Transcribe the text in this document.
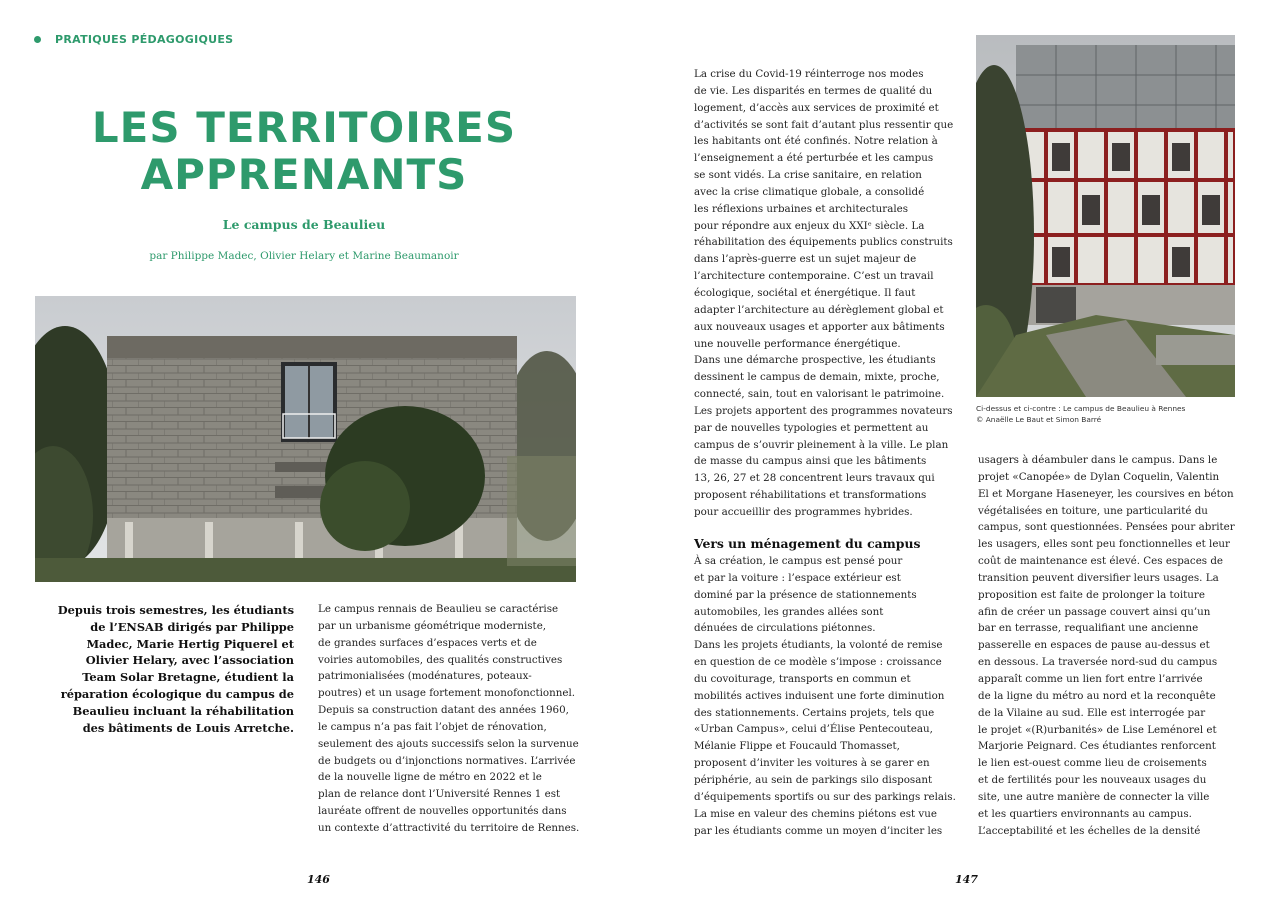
PRATIQUES PÉDAGOGIQUES
LES TERRITOIRES
APPRENANTS
Le campus de Beaulieu
par Philippe Madec, Olivier Helary et Marine Beaumanoir
Depuis trois semestres, les étudiants
de l’ENSAB dirigés par Philippe
Madec, Marie Hertig Piquerel et
Olivier Helary, avec l’association
Team Solar Bretagne, étudient la
réparation écologique du campus de
Beaulieu incluant la réhabilitation
des bâtiments de Louis Arretche.
Le campus rennais de Beaulieu se caractérise
par un urbanisme géométrique moderniste,
de grandes surfaces d’espaces verts et de
voiries automobiles, des qualités constructives
patrimonialisées (modénatures, poteaux-
poutres) et un usage fortement monofonctionnel.
Depuis sa construction datant des années 1960,
le campus n’a pas fait l’objet de rénovation,
seulement des ajouts successifs selon la survenue
de budgets ou d’injonctions normatives. L’arrivée
de la nouvelle ligne de métro en 2022 et le
plan de relance dont l’Université Rennes 1 est
lauréate offrent de nouvelles opportunités dans
un contexte d’attractivité du territoire de Rennes.
146
La crise du Covid-19 réinterroge nos modes
de vie. Les disparités en termes de qualité du
logement, d’accès aux services de proximité et
d’activités se sont fait d’autant plus ressentir que
les habitants ont été confinés. Notre relation à
l’enseignement a été perturbée et les campus
se sont vidés. La crise sanitaire, en relation
avec la crise climatique globale, a consolidé
les réflexions urbaines et architecturales
pour répondre aux enjeux du XXIᵉ siècle. La
réhabilitation des équipements publics construits
dans l’après-guerre est un sujet majeur de
l’architecture contemporaine. C’est un travail
écologique, sociétal et énergétique. Il faut
adapter l’architecture au dérèglement global et
aux nouveaux usages et apporter aux bâtiments
une nouvelle performance énergétique.
Dans une démarche prospective, les étudiants
dessinent le campus de demain, mixte, proche,
connecté, sain, tout en valorisant le patrimoine.
Les projets apportent des programmes novateurs
par de nouvelles typologies et permettent au
campus de s’ouvrir pleinement à la ville. Le plan
de masse du campus ainsi que les bâtiments
13, 26, 27 et 28 concentrent leurs travaux qui
proposent réhabilitations et transformations
pour accueillir des programmes hybrides.
Vers un ménagement du campus
À sa création, le campus est pensé pour
et par la voiture : l’espace extérieur est
dominé par la présence de stationnements
automobiles, les grandes allées sont
dénuées de circulations piétonnes.
Dans les projets étudiants, la volonté de remise
en question de ce modèle s’impose : croissance
du covoiturage, transports en commun et
mobilités actives induisent une forte diminution
des stationnements. Certains projets, tels que
«Urban Campus», celui d’Élise Pentecouteau,
Mélanie Flippe et Foucauld Thomasset,
proposent d’inviter les voitures à se garer en
périphérie, au sein de parkings silo disposant
d’équipements sportifs ou sur des parkings relais.
La mise en valeur des chemins piétons est vue
par les étudiants comme un moyen d’inciter les
Ci-dessus et ci-contre : Le campus de Beaulieu à Rennes
© Anaëlle Le Baut et Simon Barré
usagers à déambuler dans le campus. Dans le
projet «Canopée» de Dylan Coquelin, Valentin
El et Morgane Haseneyer, les coursives en béton
végétalisées en toiture, une particularité du
campus, sont questionnées. Pensées pour abriter
les usagers, elles sont peu fonctionnelles et leur
coût de maintenance est élevé. Ces espaces de
transition peuvent diversifier leurs usages. La
proposition est faite de prolonger la toiture
afin de créer un passage couvert ainsi qu’un
bar en terrasse, requalifiant une ancienne
passerelle en espaces de pause au-dessus et
en dessous. La traversée nord-sud du campus
apparaît comme un lien fort entre l’arrivée
de la ligne du métro au nord et la reconquête
de la Vilaine au sud. Elle est interrogée par
le projet «(R)urbanités» de Lise Leménorel et
Marjorie Peignard. Ces étudiantes renforcent
le lien est-ouest comme lieu de croisements
et de fertilités pour les nouveaux usages du
site, une autre manière de connecter la ville
et les quartiers environnants au campus.
L’acceptabilité et les échelles de la densité
147
